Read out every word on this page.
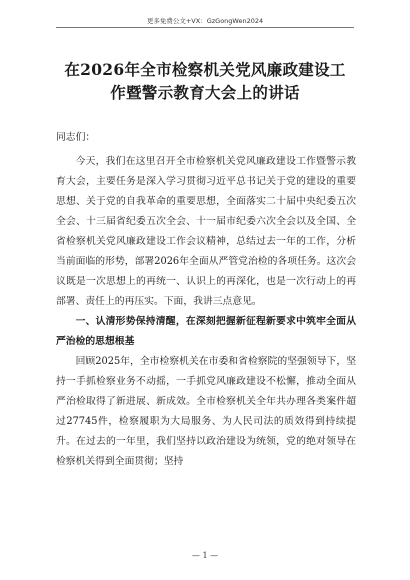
更多免费公文+VX：GzGongWen2024
在2026年全市检察机关党风廉政建设工
作暨警示教育大会上的讲话

同志们：

今天，我们在这里召开全市检察机关党风廉政建设工作暨警示教育大会，主要任务是深入学习贯彻习近平总书记关于党的建设的重要思想、关于党的自我革命的重要思想，全面落实二十届中央纪委五次全会、十三届省纪委五次全会、十一届市纪委六次全会以及全国、全省检察机关党风廉政建设工作会议精神，总结过去一年的工作，分析当前面临的形势，部署2026年全面从严管党治检的各项任务。这次会议既是一次思想上的再统一、认识上的再深化，也是一次行动上的再部署、责任上的再压实。下面，我讲三点意见。

一、认清形势保持清醒，在深刻把握新征程新要求中筑牢全面从严治检的思想根基

回顾2025年，全市检察机关在市委和省检察院的坚强领导下，坚持一手抓检察业务不动摇，一手抓党风廉政建设不松懈，推动全面从严治检取得了新进展、新成效。全市检察机关全年共办理各类案件超过27745件，检察履职为大局服务、为人民司法的质效得到持续提升。在过去的一年里，我们坚持以政治建设为统领，党的绝对领导在检察机关得到全面贯彻；坚持

— 1 —
